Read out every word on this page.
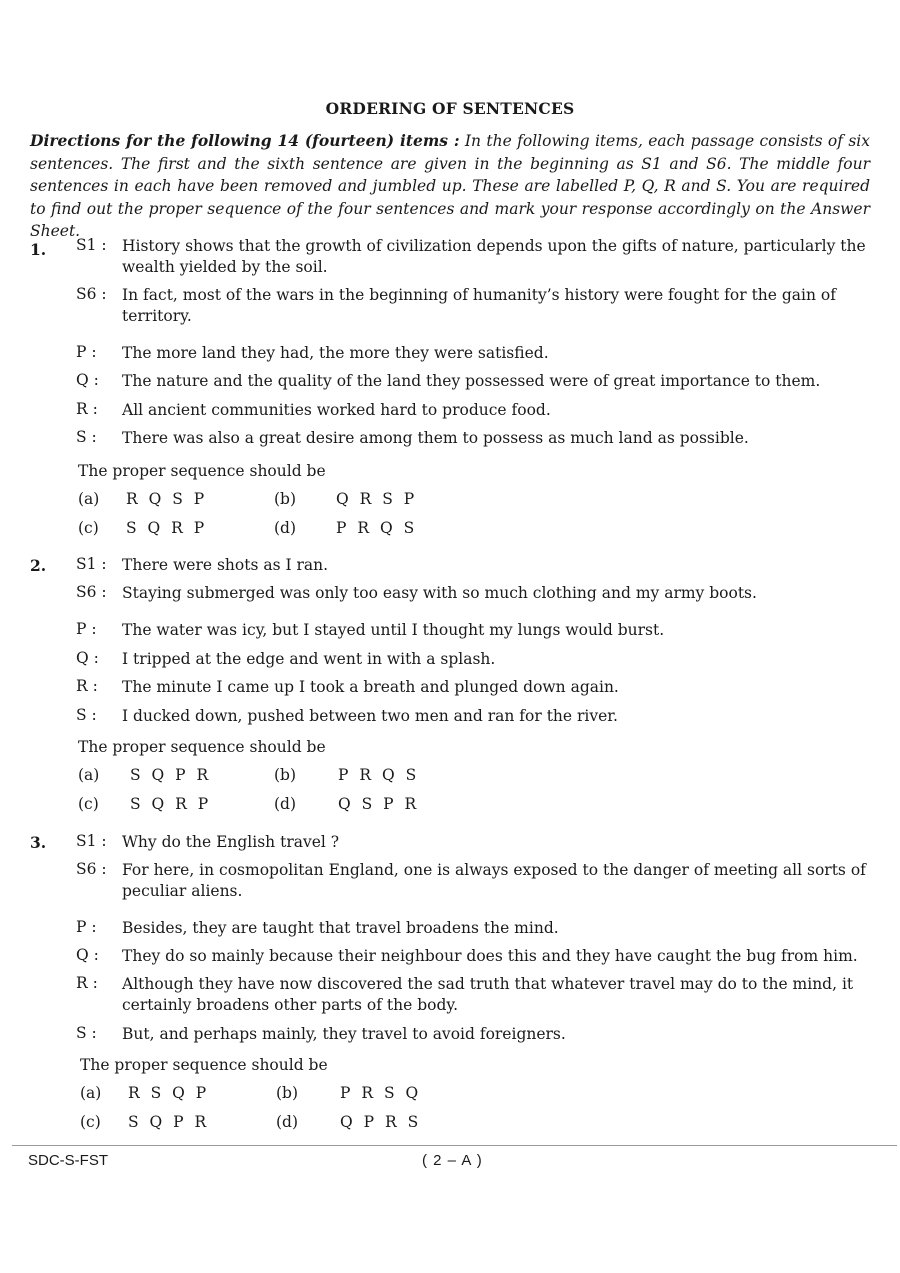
ORDERING OF SENTENCES
Directions for the following 14 (fourteen) items : In the following items, each passage consists of six sentences. The first and the sixth sentence are given in the beginning as S1 and S6. The middle four sentences in each have been removed and jumbled up. These are labelled P, Q, R and S. You are required to find out the proper sequence of the four sentences and mark your response accordingly on the Answer Sheet.
1. S1 : History shows that the growth of civilization depends upon the gifts of nature, particularly the wealth yielded by the soil.
S6 : In fact, most of the wars in the beginning of humanity’s history were fought for the gain of territory.
P :	The more land they had, the more they were satisfied.
Q :	The nature and the quality of the land they possessed were of great importance to them.
R :	All ancient communities worked hard to produce food.
S :	There was also a great desire among them to possess as much land as possible.
The proper sequence should be
(a) R Q S P	(b)	Q R S P
(c) S Q R P	(d)	P R Q S
2. S1 : There were shots as I ran.
S6 : Staying submerged was only too easy with so much clothing and my army boots.
P :	The water was icy, but I stayed until I thought my lungs would burst.
Q :	I tripped at the edge and went in with a splash.
R :	The minute I came up I took a breath and plunged down again.
S :	I ducked down, pushed between two men and ran for the river.
The proper sequence should be
(a) S Q P R	(b)	P R Q S
(c) S Q R P	(d)	Q S P R
3. S1 : Why do the English travel ?
S6 : For here, in cosmopolitan England, one is always exposed to the danger of meeting all sorts of peculiar aliens.
P :	Besides, they are taught that travel broadens the mind.
Q :	They do so mainly because their neighbour does this and they have caught the bug from him.
R :	Although they have now discovered the sad truth that whatever travel may do to the mind, it certainly broadens other parts of the body.
S :	But, and perhaps mainly, they travel to avoid foreigners.
The proper sequence should be
(a) R S Q P	(b)	P R S Q
(c) S Q P R	(d)	Q P R S
SDC-S-FST	( 2 – A )
